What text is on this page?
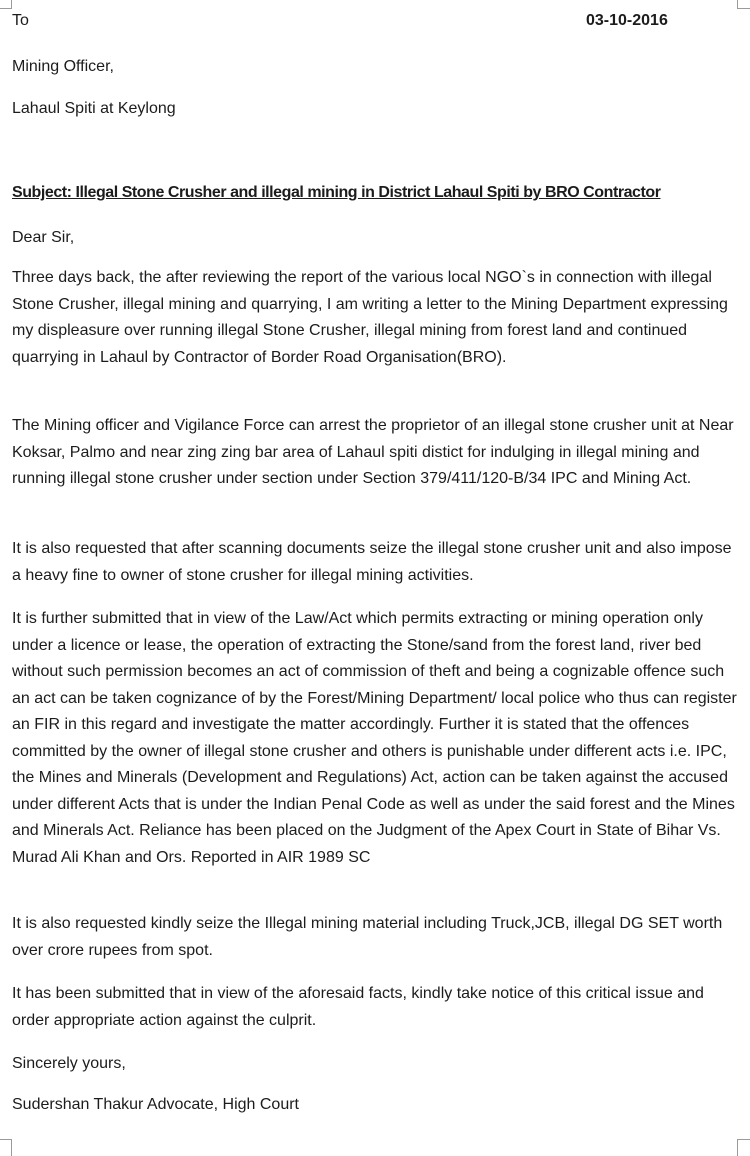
To	03-10-2016
Mining Officer,
Lahaul Spiti at Keylong
Subject: Illegal Stone Crusher and illegal mining in District Lahaul Spiti by BRO Contractor
Dear Sir,

Three days back, the after reviewing the report of the various local NGO`s in connection with illegal Stone Crusher, illegal mining and quarrying, I am writing a letter to the Mining Department expressing my displeasure over running illegal Stone Crusher, illegal mining from forest land and continued quarrying in Lahaul by Contractor of Border Road Organisation(BRO).

The Mining officer and Vigilance Force can arrest the proprietor of an illegal stone crusher unit at Near Koksar, Palmo and near zing zing bar area of Lahaul spiti distict for indulging in illegal mining and running illegal stone crusher under section under Section 379/411/120-B/34 IPC and Mining Act.

It is also requested that after scanning documents seize the illegal stone crusher unit and also impose a heavy fine to owner of stone crusher for illegal mining activities.

It is further submitted that in view of the Law/Act which permits extracting or mining operation only under a licence or lease, the operation of extracting the Stone/sand from the forest land, river bed without such permission becomes an act of commission of theft and being a cognizable offence such an act can be taken cognizance of by the Forest/Mining Department/ local police who thus can register an FIR in this regard and investigate the matter accordingly. Further it is stated that the offences committed by the owner of illegal stone crusher and others is punishable under different acts i.e. IPC, the Mines and Minerals (Development and Regulations) Act, action can be taken against the accused under different Acts that is under the Indian Penal Code as well as under the said forest and the Mines and Minerals Act. Reliance has been placed on the Judgment of the Apex Court in State of Bihar Vs. Murad Ali Khan and Ors. Reported in AIR 1989 SC

It is also requested kindly seize the Illegal mining material including Truck,JCB, illegal DG SET worth over crore rupees from spot.

It has been submitted that in view of the aforesaid facts, kindly take notice of this critical issue and order appropriate action against the culprit.

Sincerely yours,
Sudershan Thakur Advocate, High Court
